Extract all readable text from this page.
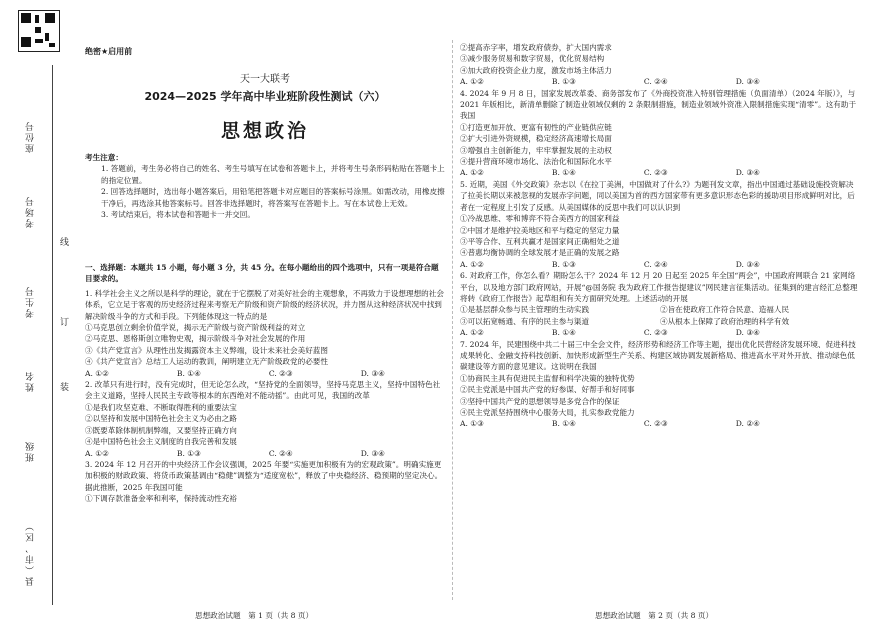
座位号
考场号
考生号
姓名
班级
县（市、区）
线
订
装
绝密★启用前
天一大联考
2024—2025 学年高中毕业班阶段性测试（六）
思想政治

考生注意：

1. 答题前，考生务必将自己的姓名、考生号填写在试卷和答题卡上，并将考生号条形码粘贴在答题卡上的指定位置。

2. 回答选择题时，选出每小题答案后，用铅笔把答题卡对应题目的答案标号涂黑。如需改动，用橡皮擦干净后，再选涂其他答案标号。回答非选择题时，将答案写在答题卡上。写在本试卷上无效。

3. 考试结束后，将本试卷和答题卡一并交回。

一、选择题：本题共 15 小题，每小题 3 分，共 45 分。在每小题给出的四个选项中，只有一项是符合题目要求的。

1. 科学社会主义之所以是科学的理论，就在于它摆脱了对美好社会的主观想象，不再致力于设想理想的社会体系，它立足于客观的历史经济过程来考察无产阶级和资产阶级的经济状况，并力图从这种经济状况中找到解决阶级斗争的方式和手段。下列能体现这一特点的是

①马克思创立剩余价值学说，揭示无产阶级与资产阶级利益的对立

②马克思、恩格斯创立唯物史观，揭示阶级斗争对社会发展的作用

③《共产党宣言》从理性出发揭露资本主义弊端，设计未来社会美好蓝图

④《共产党宣言》总结工人运动的教训，阐明建立无产阶级政党的必要性

A. ①②	B. ①④	C. ②③	D. ③④

2. 改革只有进行时，没有完成时，但无论怎么改，“坚持党的全面领导，坚持马克思主义，坚持中国特色社会主义道路，坚持人民民主专政等根本的东西绝对不能动摇”。由此可见，我国的改革

①是我们攻坚克难、不断取得胜利的重要法宝

②以坚持和发展中国特色社会主义为必由之路

③既要革除体制机制弊端，又要坚持正确方向

④是中国特色社会主义制度的自我完善和发展

A. ①②	B. ①③	C. ②④	D. ③④

3. 2024 年 12 月召开的中央经济工作会议强调，2025 年要“实施更加积极有为的宏观政策”。明确实施更加积极的财政政策、将货币政策基调由“稳健”调整为“适度宽松”，释放了中央稳经济、稳预期的坚定决心。据此推断，2025 年我国可能

①下调存款准备金率和利率，保持流动性充裕

思想政治试题　第 1 页（共 8 页）

②提高赤字率，增发政府债券，扩大国内需求

③减少服务贸易和数字贸易，优化贸易结构

④加大政府投资企业力度，激发市场主体活力

A. ①②	B. ①③	C. ②④	D. ③④

4. 2024 年 9 月 8 日，国家发展改革委、商务部发布了《外商投资准入特别管理措施（负面清单）（2024 年版）》，与 2021 年版相比，新清单删除了制造业领域仅剩的 2 条限制措施，制造业领域外资准入限制措施实现“清零”。这有助于我国

①打造更加开放、更富有韧性的产业链供应链

②扩大引进外资规模，稳定经济高速增长局面

③增强自主创新能力，牢牢掌握发展的主动权

④提升营商环境市场化、法治化和国际化水平

A. ①②	B. ①④	C. ②③	D. ③④

5. 近期，美国《外交政策》杂志以《在拉丁美洲，中国做对了什么?》为题刊发文章，指出中国通过基础设施投资解决了拉美长期以来被忽视的发展赤字问题，同以美国为首的西方国家带有更多意识形态色彩的援助项目形成鲜明对比，后者在一定程度上引发了反感。从美国媒体的反思中我们可以认识到

①冷战思维、零和博弈不符合美西方的国家利益

②中国才是维护拉美地区和平与稳定的坚定力量

③平等合作、互利共赢才是国家间正确相处之道

④普惠均衡协调的全球发展才是正确的发展之路

A. ①②	B. ①③	C. ②④	D. ③④

6. 对政府工作，你怎么看？期盼怎么干？2024 年 12 月 20 日起至 2025 年全国“两会”，中国政府网联合 21 家网络平台，以及地方部门政府网站，开展“@国务院 我为政府工作报告提建议”网民建言征集活动。征集到的建言经汇总整理将转《政府工作报告》起草组和有关方面研究处理。上述活动的开展

①是基层群众参与民主管理的生动实践	②旨在使政府工作符合民意、造福人民
③可以拓宽畅通、有序的民主参与渠道	④从根本上保障了政府治理的科学有效
A. ①②	B. ①④	C. ②③	D. ③④

7. 2024 年，民建围绕中共二十届三中全会文件，经济形势和经济工作等主题，提出优化民营经济发展环境、促进科技成果转化、金融支持科技创新、加快形成新型生产关系、构建区域协调发展新格局、推进高水平对外开放、推动绿色低碳建设等方面的意见建议。这说明在我国

①协商民主具有促进民主监督和科学决策的独特优势

②民主党派是中国共产党的好参谋、好帮手和好同事

③坚持中国共产党的思想领导是多党合作的保证

④民主党派坚持围绕中心服务大局，扎实参政党能力

A. ①③	B. ①④	C. ②③	D. ②④
思想政治试题　第 2 页（共 8 页）
